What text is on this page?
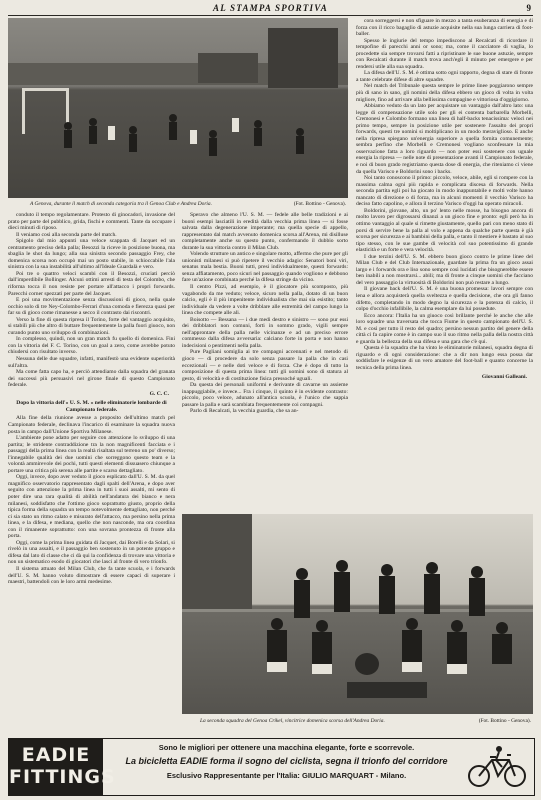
AL STAMPA SPORTIVA	9
A Genova, durante il match di seconda categoria tra il Genoa Club e Andrea Doria.	(Fot. Bottino - Genova).

cora sorreggersi e non sfiguare in mezzo a tanta esuberanza di energia e di forza con il ricco bagaglio di astuzie acquisite nella sua lunga carriera di foot-baller.

Spesso le ingiurie del tempo impediscono al Recalcati di ricordare il tempofine di parecchi anni or sono; ma, come il cacciatore di vaglia, lo procedette sia sempre trovarsi fatti a ripristinare le sue buone astuzie, sempre con Recalcati durante il match trova anch'egli il minuto per emergere e per rendersi utile alla sua squadra.

La difesa dell'U. S. M. è ottima sotto ogni rapporto, degna di stare di fronte a tante celebrate difese di altre squadre.

Nel match del Tribunale questa sempre le prime linee poggiarono sempre più di sano in sano, gli nomini della difesa ebbero un gioco di volta in volta migliore, fino ad arrivare alla bellissima compagine e vittoriosa d'oggigiorno.

Abbiamo veduto da un lato per acquistare un vantaggio dall'altro lato: una legge di compensazione utile solo per gli ei contenta barbarella Morbelli, Cremonesi e Colombo formano una linea di half-backs tenacissima: veloci nei primo tempo, sempre in posizione utile per sostenere l'assalto dei propri forwards, questi tre uomini si moltiplicano in un modo meraviglioso. E anche nella ripresa spiegano un'energia superiore a quella fornita comunemente; sembra perfino che Morbelli e Cremonesi vogliano sconfessare la mia osservazione fatta a loro riguardo — non poter essi sostenere con uguale energia la ripresa — nelle note di presentazione avanti il Campionato federale, e noi di buon grado registriamo questa dose di energia, che riteniamo ci viene da quella Varisco e Boldorini sono i backs.

Noi tanto conoscono il primo: piccolo, veloce, abile, egli si rompere con la massima calma ogni più rapida e complicata discesa di forwards. Nella seconda partita egli poi ha giocato in modo inappuntabile e molti volte hanno mancato di direzione o di forza, ma in alcuni momenti il vecchio Varisco ha deciso fatto capolino, e allora il terzino Varisco d'oggi ha operato miracoli.

Boldorini, giovane, alto, un po' lento nelle mosse, ha bisogno ancora di molto lavoro per digrossarsi dinanzi a un gioco fine e pronto: egli però ha in ottimo vantaggio al quale si rimette giustamente, quello pari con meno stato di porsi di servire bene la palla al volo e appena da qualche parte questa è già scorsa per sicurezza e ai bambini della palla, e tanto il mestiere è bastato al suo tipo stesso, con le sue gambe di velocità col suo potentissimo di grande elasticità e un forte e vera velocità.

I due terzini dell'U. S. M. ebbero buon gioco contro le prime linee del Milan Club e del Club Internazionale, guardate la prima fra un gioco assai largo e i forwards ora e liso sono sempre così lucidati che bisognerebbe essere ben inabili a non mostrarsi... abili; ma di fronte a cinque uomini che facciano del vero passaggio la virtuosità di Boldorini non può restare a lungo.

Il giovane back dell'U. S. M. è una buona promessa: lavori sempre con lena e allora acquisterà quella sveltezza e quella decisione, che ora gli fanno difetto, completando in modo degno la sicurezza e la potenza di calcio, il colpo d'occhio infallibile, la calma esemplare da lui possedute.

Ecco ancora: l'Italia ha un giuoco così brillante perché le anche che alle loro squadre una traversata che tocca Fiume in questo campionato dell'U. S. M. e così per tutto il resto del quadro; persino nessun partito del genere della città ci fa capire come è in campo suo il suo ritmo nella palla della nostra città e guarda la bellezza della sua difesa e una gara che c'è qui.

Questa è la squadra che ha vinto le eliminatorie milanesi, squadra degna di riguardo e di ogni considerazione: che a dir non lungo essa possa dar soddisfare le esigenze di un vero amatore del foot-ball e quanto concerne la tecnica della prima linea.

Giovanni Galleani.

conduto il tempo regolamentare. Protesto di ginocadori, invasione del prato per parte del pubblico, grida, fischi e commenti. Tante da occupare i dieci minuti di riposo.

Il veniamo così alla seconda parte del match.

Spigolo dal mio appunti una veloce scappata di Jacquet ed un centramento preciso della palla; Besozzi la riceve in posizione buona, ma sbaglia le shot da lungo; alla sua sinistra secondo passaggio Frey, che domenica scorsa non occupò mai un posto stabile, in schioccabile l'ala sinistra con la sua instabilità all'ultimo all'Ideale Guardalà e vero.

Poi tre o quattro veloci scambi con il Besozzi, cruciati perciò dall'imperdibile Bollinger. Alcuni ottimi arresti di testa del Colombo, che riforma tocca il non resiste per portare all'attacco i propri forwards. Parecchi corner spezzati per parte del Jacquet.

E poi una movimentazione senza discussioni di gioco, nella quale occhio solo di tre Ney-Colombo-Ferrari d'una comoda e fierezza quasi per far su di gioco come rimanesse a secco il contrasto dai riscontri.

Verso la fine di questa ripresa il Torino, forte del vantaggio acquisito, si stabilì più che altro di buttare frequentemente la palla fuori giuoco, non curando punto uno sviluppo di combinazioni.

In complesso, quindi, non un gran match fu quello di domenica. Fini con la vittoria del F. C. Torino, con un goal a zero, come avrebbe potuto chiudersi con risultato inverso.

Nessuna delle due squadre, infatti, manifestò una evidente superiorità sull'altra.

Ma come fatta capo ha, e perciò attendiamo dalla squadra del granata dei successi più persuasivi nel girone finale di questo Campionato federale.

G. C. C.

Dopo la vittoria dell'« U. S. M. » nelle eliminatorie lombarde di Campionato federale.

Alla fine della riunione avesse a proposito dell'ultimo match pel Campionato federale, declinava l'incarico di esaminare la squadra nuova posta in campo dall'Unione Sportiva Milanese.

L'ambiente pone adatto per seguire con attenzione lo sviluppo di una partita; le stridente contraddizione tra la non magnificenti facciata e i passaggi della prima linea con la realtà risaltata sul terreno un po' diverso; l'innegabile qualità dei due uomini che sorreggono questo team e la volontà ammirevole dei pochi, tutti questi elementi dissuasero chiunque a portare una critica più serena alle partite e scarso dettagliato.

Oggi, invece, dopo aver veduto il gioco esplicato dall'U. S. M. da quel magnifico osservatorio rappresentato dagli spalti dell'Arena, e dopo aver seguito con attenzione la prima linea in tutti i suoi assalti, mi sento di poter dire una rara qualità di abilità nell'andatura dei bianco e nera milanesi, soddisfatto che l'ottimo gioco soprattutto giusto, proprio della tipica forma della squadra un tempo notevolmente dettagliato, non perché ci sia stato un ritmo calato e misurato dell'attacco, ma persino nella prima linea, e la difesa, e mediana, quello che non nasconde, ma ora coordina con il rimanente soprattutto: con una sovrana prontezza di fronte alla porta.

Oggi, come la prima linea guidata di Jacquet, dai Borelli e da Solari, si rivelò in una assalti, e il passaggio ben sostenuto in un potente gruppo e difesa dal lato di classe che ci dà qui la confidenza di trovare una vittoria e non un sistematico esodo di giocatori che lasci al fronte di vero trionfo.

Il sistema attuato del Milan Club, che fa tante scuola, e i forwards dell'U. S. M. hanno voluto dimostrare di essere capaci di superare i maestri, battendoli con le loro armi medesime.

Speravo che almeno l'U. S. M. — fedele alle belle tradizioni e ai buoni esempi lasciatili in eredità dalla vecchia prima linea — si fosse salvata dalla degenerazione imperante; ma quella specie di appello, rappresentato dal match avvenuto domenica scorsa all'Arena, mi disilluse completamente anche su questo punto, confermando il dubbio sorto durante la sua vittoria contro il Milan Club.

Volendo strutture un antico e singolare motto, affermo che pure per gli unionisti milanesi si può ripetere il vecchio adagio: Senatori boni viri, senatus mala bestia. Buoni tutti, presi individualmente, questi forwards: senza affiatamento, poco sicuri nel passaggio quando vogliono e debbono fare un'azione combinata perché la difesa stringe da vicino.

Il centro Pizzi, ad esempio, è il giocatore più scomposto, più vagabondo da me veduto; veloce, sicuro nella palla, dotato di un buon calcio, egli è il più impenitente individualista che mai sia esistito; tanto individuale da vedere a volte dribblare alle estremità del campo lungo la linea che compete alle ali.

Boisotto — Bessana — i due medi destro e sinistro — sono pur essi dei dribblatori non comuni, forti in sommo grado, vigili sempre nell'approntare della palla nelle vicinanze e ad un preciso errore commesso dalla difesa avversaria: calciano forte in porta e non hanno indecisioni o pentimenti nella palla.

Pure Pagliani somiglia ai tre compagni accennati e nel metodo di gioco — di procedere da solo senza passare la palla che in casi eccezionali — e nelle doti veloce e di forza. Che è dopo di tutto la composizione di questa prima linea: tutti gli uomini sono di statura al gesto, di velocità e di costituzione fisica pressoché uguali.

Da questa dei personali uniformi e derivante di cavarne un assieme inappuggiabile, e invece... Fra i cinque, il quinto è in evidente contrasto: piccolo, poco veloce, adunato all'antica scuola, è l'unico che sappia passare la palla e sarà scambiata frequentemente coi compagni.

Parlo di Recalcati, la vecchia guardia, che sa an-

La seconda squadra del Genoa Crikel, vincitrice domenica scorsa dell'Andrea Doria.	(Fot. Bottino - Genova).
EADIE FITTINGS
Sono le migliori per ottenere una macchina elegante, forte e scorrevole.
La bicicletta EADIE forma il sogno del ciclista, segna il trionfo del corridore
Esclusivo Rappresentante per l'Italia: GIULIO MARQUART - Milano.
